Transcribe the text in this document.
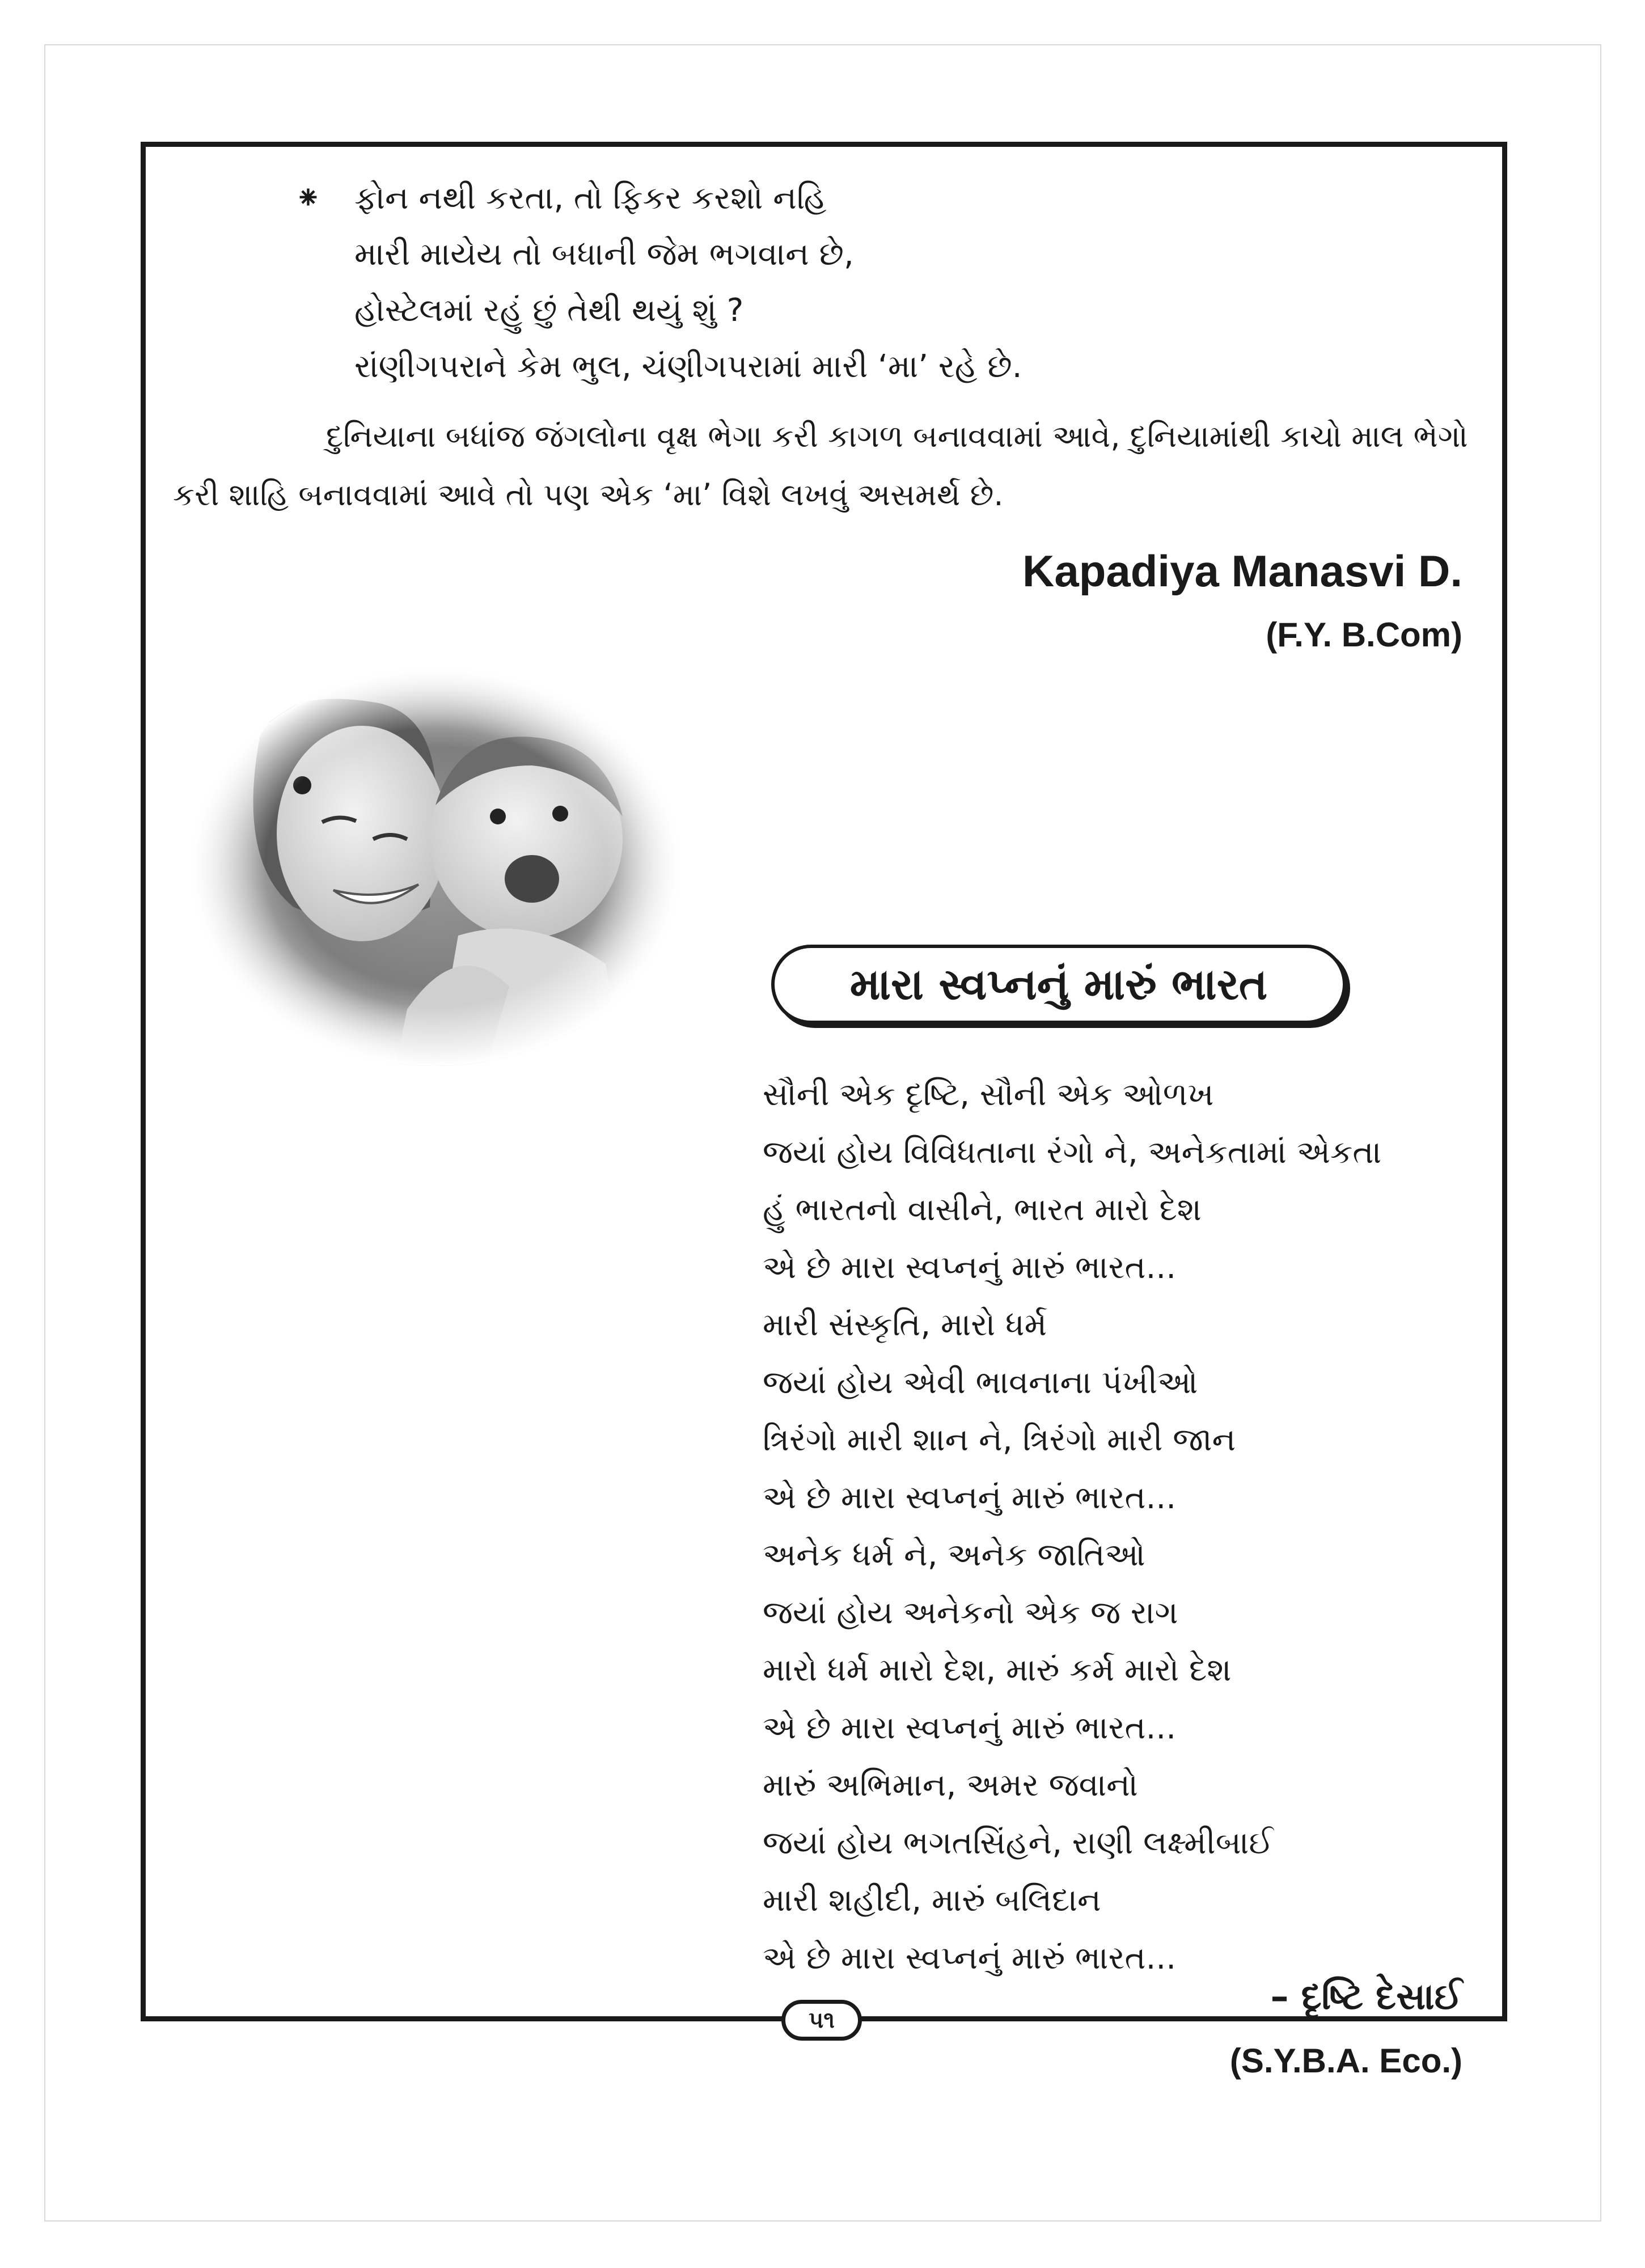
⁕ ફોન નથી કરતા, તો ફિકર કરશો નહિ
મારી માયેય તો બધાની જેમ ભગવાન છે,
હોસ્ટેલમાં રહું છું તેથી થયું શું ?
રાંણીગપરાને કેમ ભુલ, ચંણીગપરામાં મારી ‘મા’ રહે છે.
દુનિયાના બધાંજ જંગલોના વૃક્ષ ભેગા કરી કાગળ બનાવવામાં આવે, દુનિયામાંથી કાચો માલ ભેગો કરી શાહિ બનાવવામાં આવે તો પણ એક ‘મા’ વિશે લખવું અસમર્થ છે.
Kapadiya Manasvi D.
(F.Y. B.Com)
મારા સ્વપ્નનું મારું ભારત
સૌની એક દૃષ્ટિ, સૌની એક ઓળખ
જયાં હોય વિવિધતાના રંગો ને, અનેકતામાં એકતા
હું ભારતનો વાસીને, ભારત મારો દેશ
એ છે મારા સ્વપ્નનું મારું ભારત...
મારી સંસ્કૃતિ, મારો ધર્મ
જયાં હોય એવી ભાવનાના પંખીઓ
ત્રિરંગો મારી શાન ને, ત્રિરંગો મારી જાન
એ છે મારા સ્વપ્નનું મારું ભારત...
અનેક ધર્મ ને, અનેક જાતિઓ
જયાં હોય અનેકનો એક જ રાગ
મારો ધર્મ મારો દેશ, મારું કર્મ મારો દેશ
એ છે મારા સ્વપ્નનું મારું ભારત...
મારું અભિમાન, અમર જવાનો
જયાં હોય ભગતસિંહને, રાણી લક્ષ્મીબાઈ
મારી શહીદી, મારું બલિદાન
એ છે મારા સ્વપ્નનું મારું ભારત...
– દૃષ્ટિ દેસાઈ
(S.Y.B.A. Eco.)
૫૧
